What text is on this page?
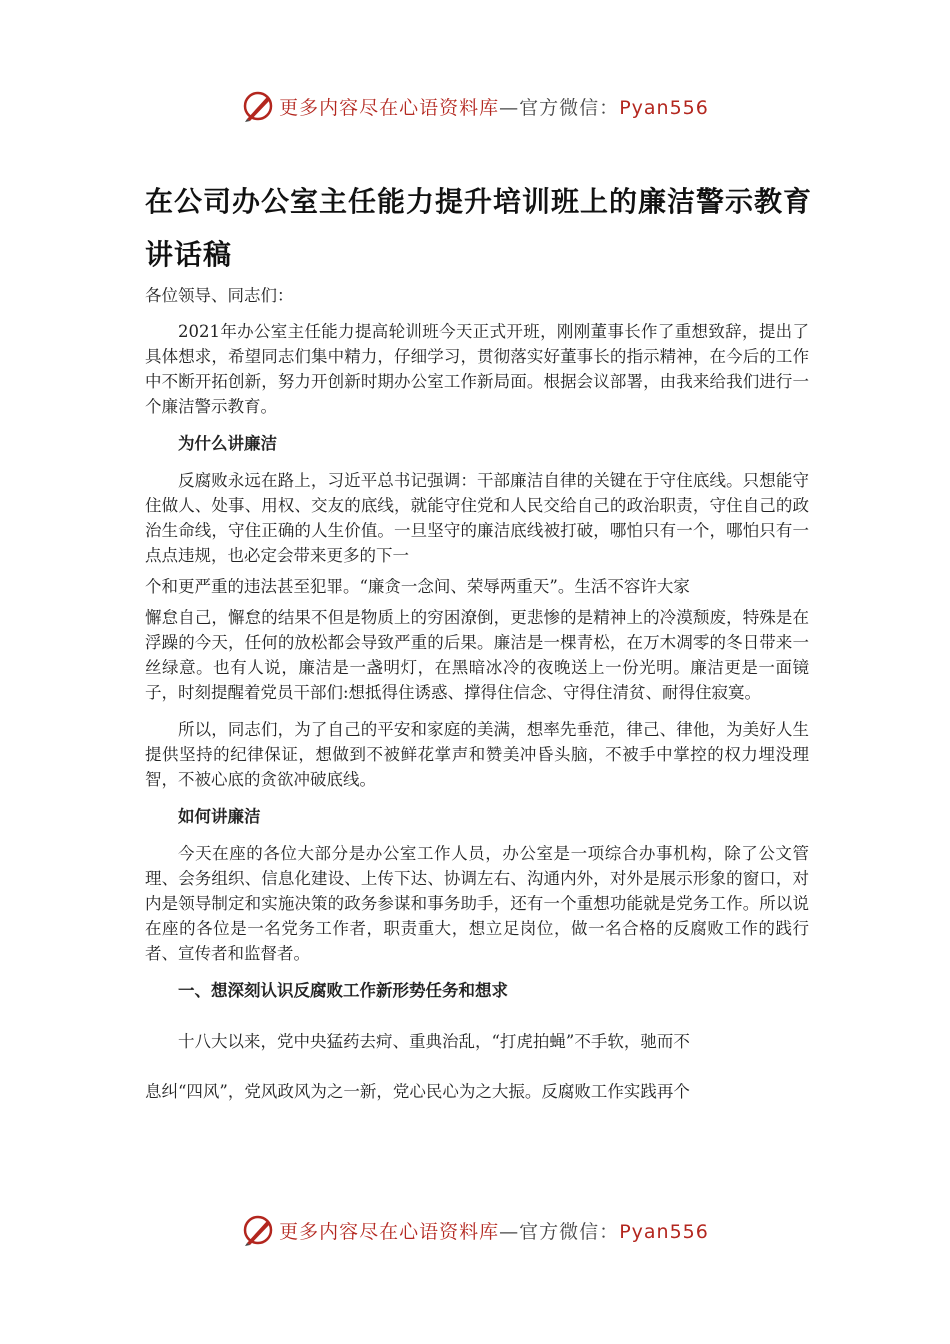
更多内容尽在心语资料库—官方微信：Pyan556
在公司办公室主任能力提升培训班上的廉洁警示教育讲话稿

各位领导、同志们：

2021年办公室主任能力提高轮训班今天正式开班，刚刚董事长作了重想致辞，提出了具体想求，希望同志们集中精力，仔细学习，贯彻落实好董事长的指示精神，在今后的工作中不断开拓创新，努力开创新时期办公室工作新局面。根据会议部署，由我来给我们进行一个廉洁警示教育。

为什么讲廉洁

反腐败永远在路上，习近平总书记强调：干部廉洁自律的关键在于守住底线。只想能守住做人、处事、用权、交友的底线，就能守住党和人民交给自己的政治职责，守住自己的政治生命线，守住正确的人生价值。一旦坚守的廉洁底线被打破，哪怕只有一个，哪怕只有一点点违规，也必定会带来更多的下一

个和更严重的违法甚至犯罪。“廉贪一念间、荣辱两重天”。生活不容许大家

懈怠自己，懈怠的结果不但是物质上的穷困潦倒，更悲惨的是精神上的冷漠颓废，特殊是在浮躁的今天，任何的放松都会导致严重的后果。廉洁是一棵青松，在万木凋零的冬日带来一丝绿意。也有人说，廉洁是一盏明灯，在黑暗冰冷的夜晚送上一份光明。廉洁更是一面镜子，时刻提醒着党员干部们:想抵得住诱惑、撑得住信念、守得住清贫、耐得住寂寞。

所以，同志们，为了自己的平安和家庭的美满，想率先垂范，律己、律他，为美好人生提供坚持的纪律保证，想做到不被鲜花掌声和赞美冲昏头脑，不被手中掌控的权力埋没理智，不被心底的贪欲冲破底线。

如何讲廉洁

今天在座的各位大部分是办公室工作人员，办公室是一项综合办事机构，除了公文管理、会务组织、信息化建设、上传下达、协调左右、沟通内外，对外是展示形象的窗口，对内是领导制定和实施决策的政务参谋和事务助手，还有一个重想功能就是党务工作。所以说在座的各位是一名党务工作者，职责重大，想立足岗位，做一名合格的反腐败工作的践行者、宣传者和监督者。

一、想深刻认识反腐败工作新形势任务和想求

十八大以来，党中央猛药去疴、重典治乱，“打虎拍蝇”不手软，驰而不

息纠“四风”，党风政风为之一新，党心民心为之大振。反腐败工作实践再个

更多内容尽在心语资料库—官方微信：Pyan556
